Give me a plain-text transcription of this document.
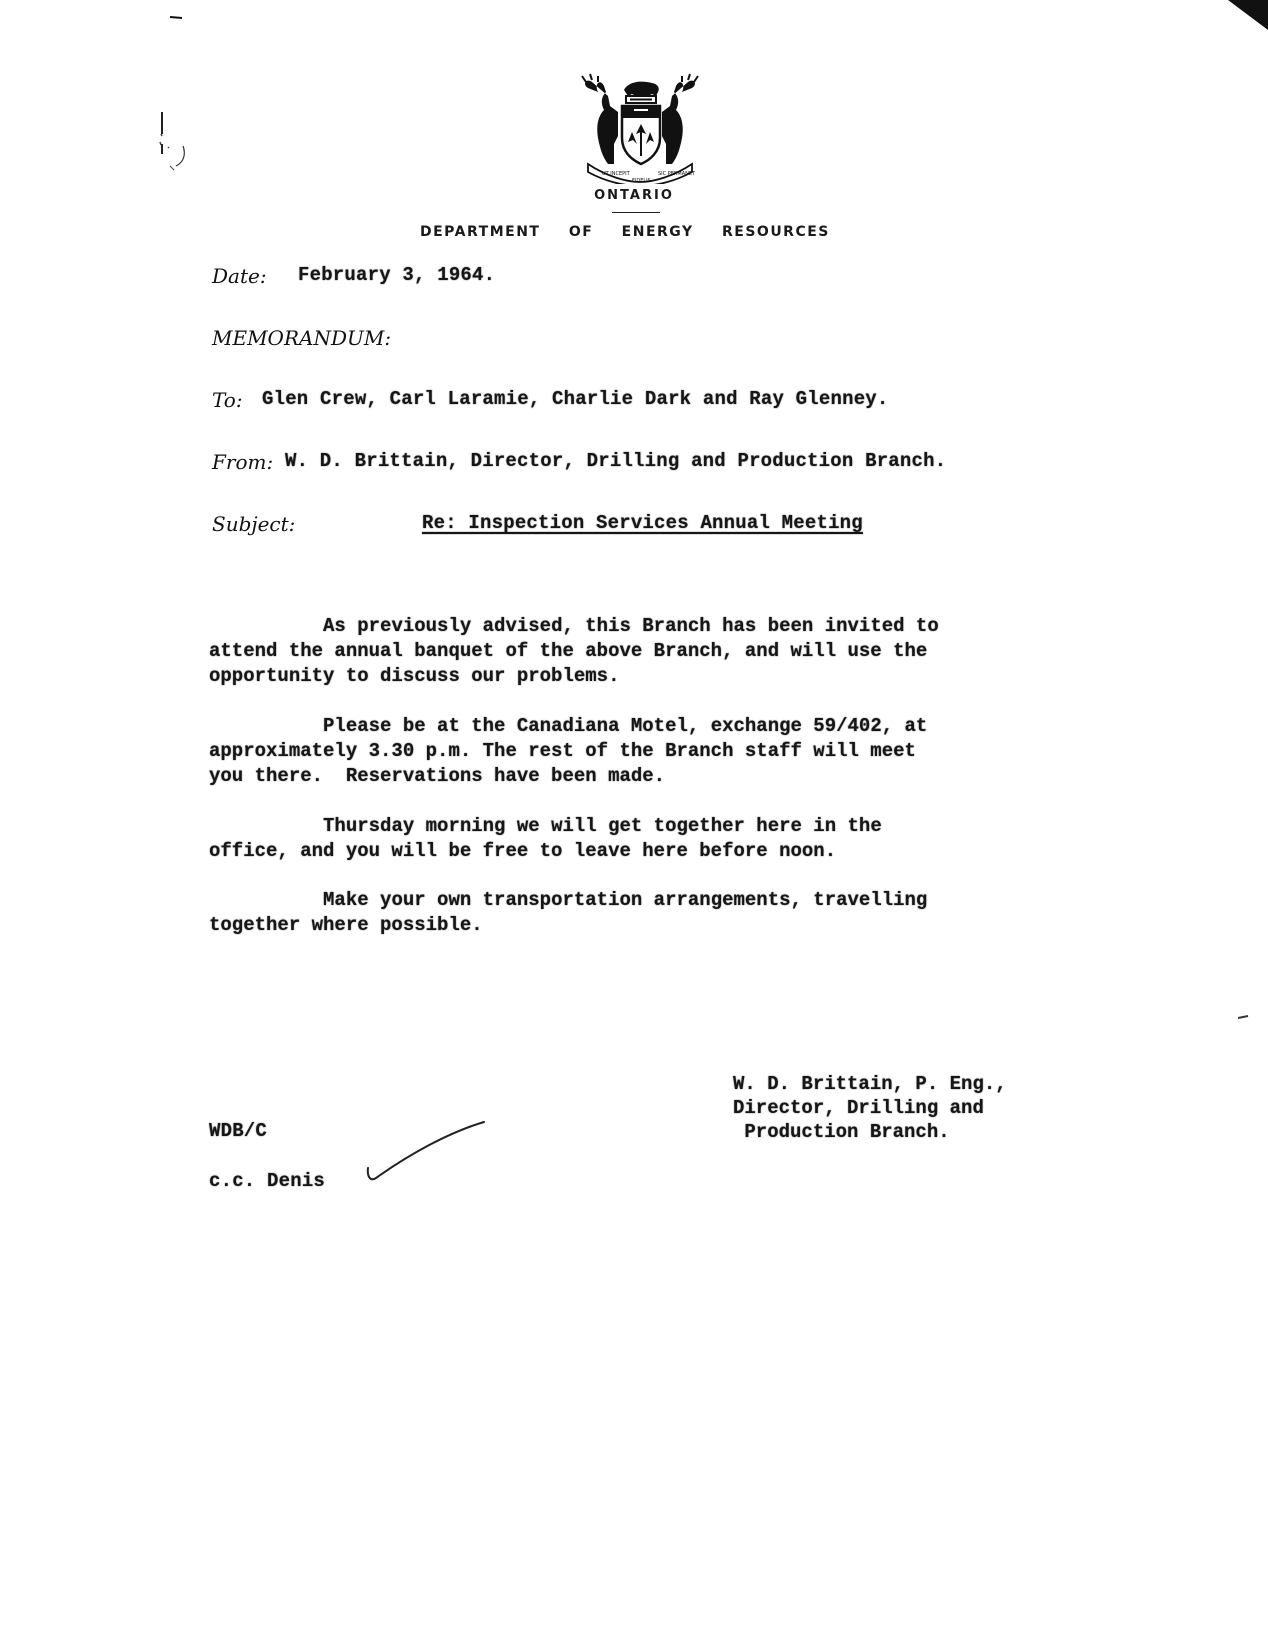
UT INCEPIT
FIDELIS
SIC PERMANET
ONTARIO
DEPARTMENT OF ENERGY RESOURCES
Date: February 3, 1964.
MEMORANDUM:
To: Glen Crew, Carl Laramie, Charlie Dark and Ray Glenney.
From: W. D. Brittain, Director, Drilling and Production Branch.
Subject:	Re: Inspection Services Annual Meeting

As previously advised, this Branch has been invited to
attend the annual banquet of the above Branch, and will use the
opportunity to discuss our problems.

Please be at the Canadiana Motel, exchange 59/402, at
approximately 3.30 p.m. The rest of the Branch staff will meet
you there.  Reservations have been made.

Thursday morning we will get together here in the
office, and you will be free to leave here before noon.

Make your own transportation arrangements, travelling
together where possible.

W. D. Brittain, P. Eng.,
Director, Drilling and
Production Branch.
WDB/C
c.c. Denis
